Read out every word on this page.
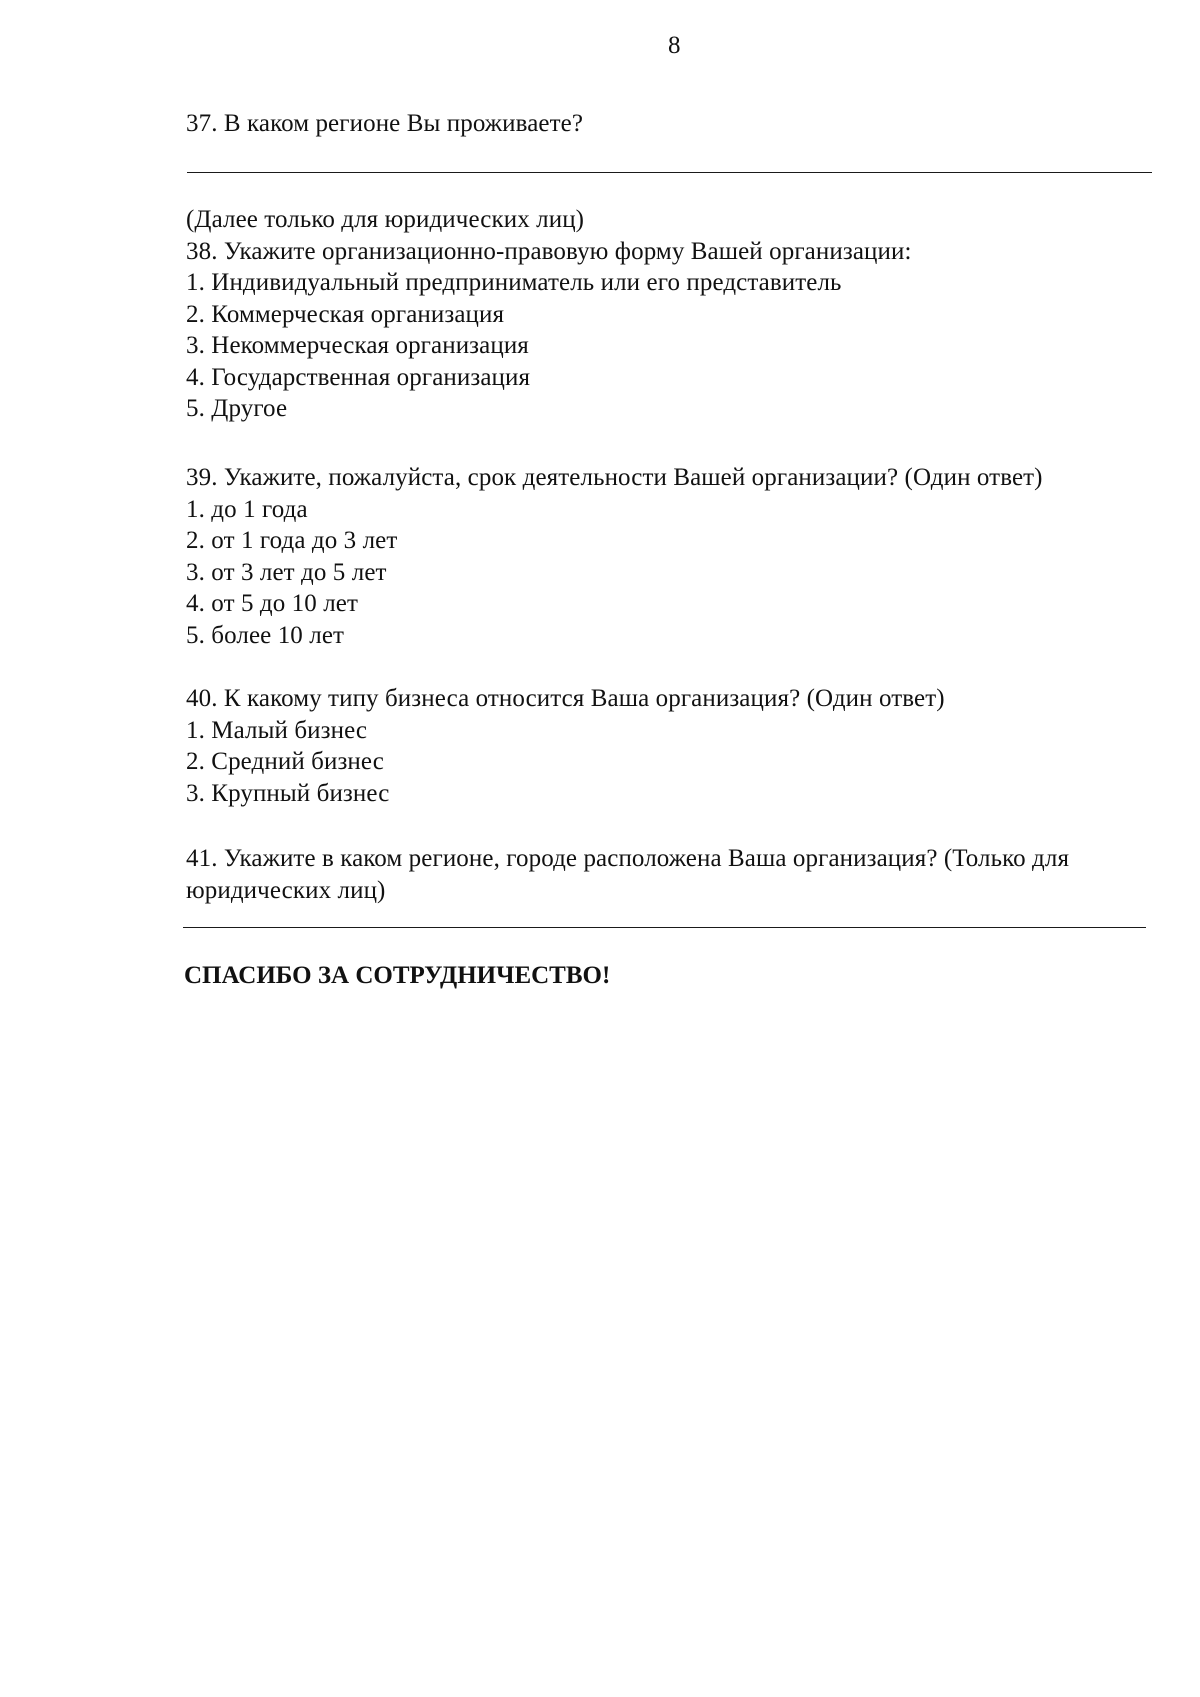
8
37. В каком регионе Вы проживаете?
(Далее только для юридических лиц)
38. Укажите организационно-правовую форму Вашей организации:
1. Индивидуальный предприниматель или его представитель
2. Коммерческая организация
3. Некоммерческая организация
4. Государственная организация
5. Другое
39. Укажите, пожалуйста, срок деятельности Вашей организации? (Один ответ)
1. до 1 года
2. от 1 года до 3 лет
3. от 3 лет до 5 лет
4. от 5 до 10 лет
5. более 10 лет
40. К какому типу бизнеса относится Ваша организация? (Один ответ)
1. Малый бизнес
2. Средний бизнес
3. Крупный бизнес
41. Укажите в каком регионе, городе расположена Ваша организация? (Только для
юридических лиц)
СПАСИБО ЗА СОТРУДНИЧЕСТВО!
